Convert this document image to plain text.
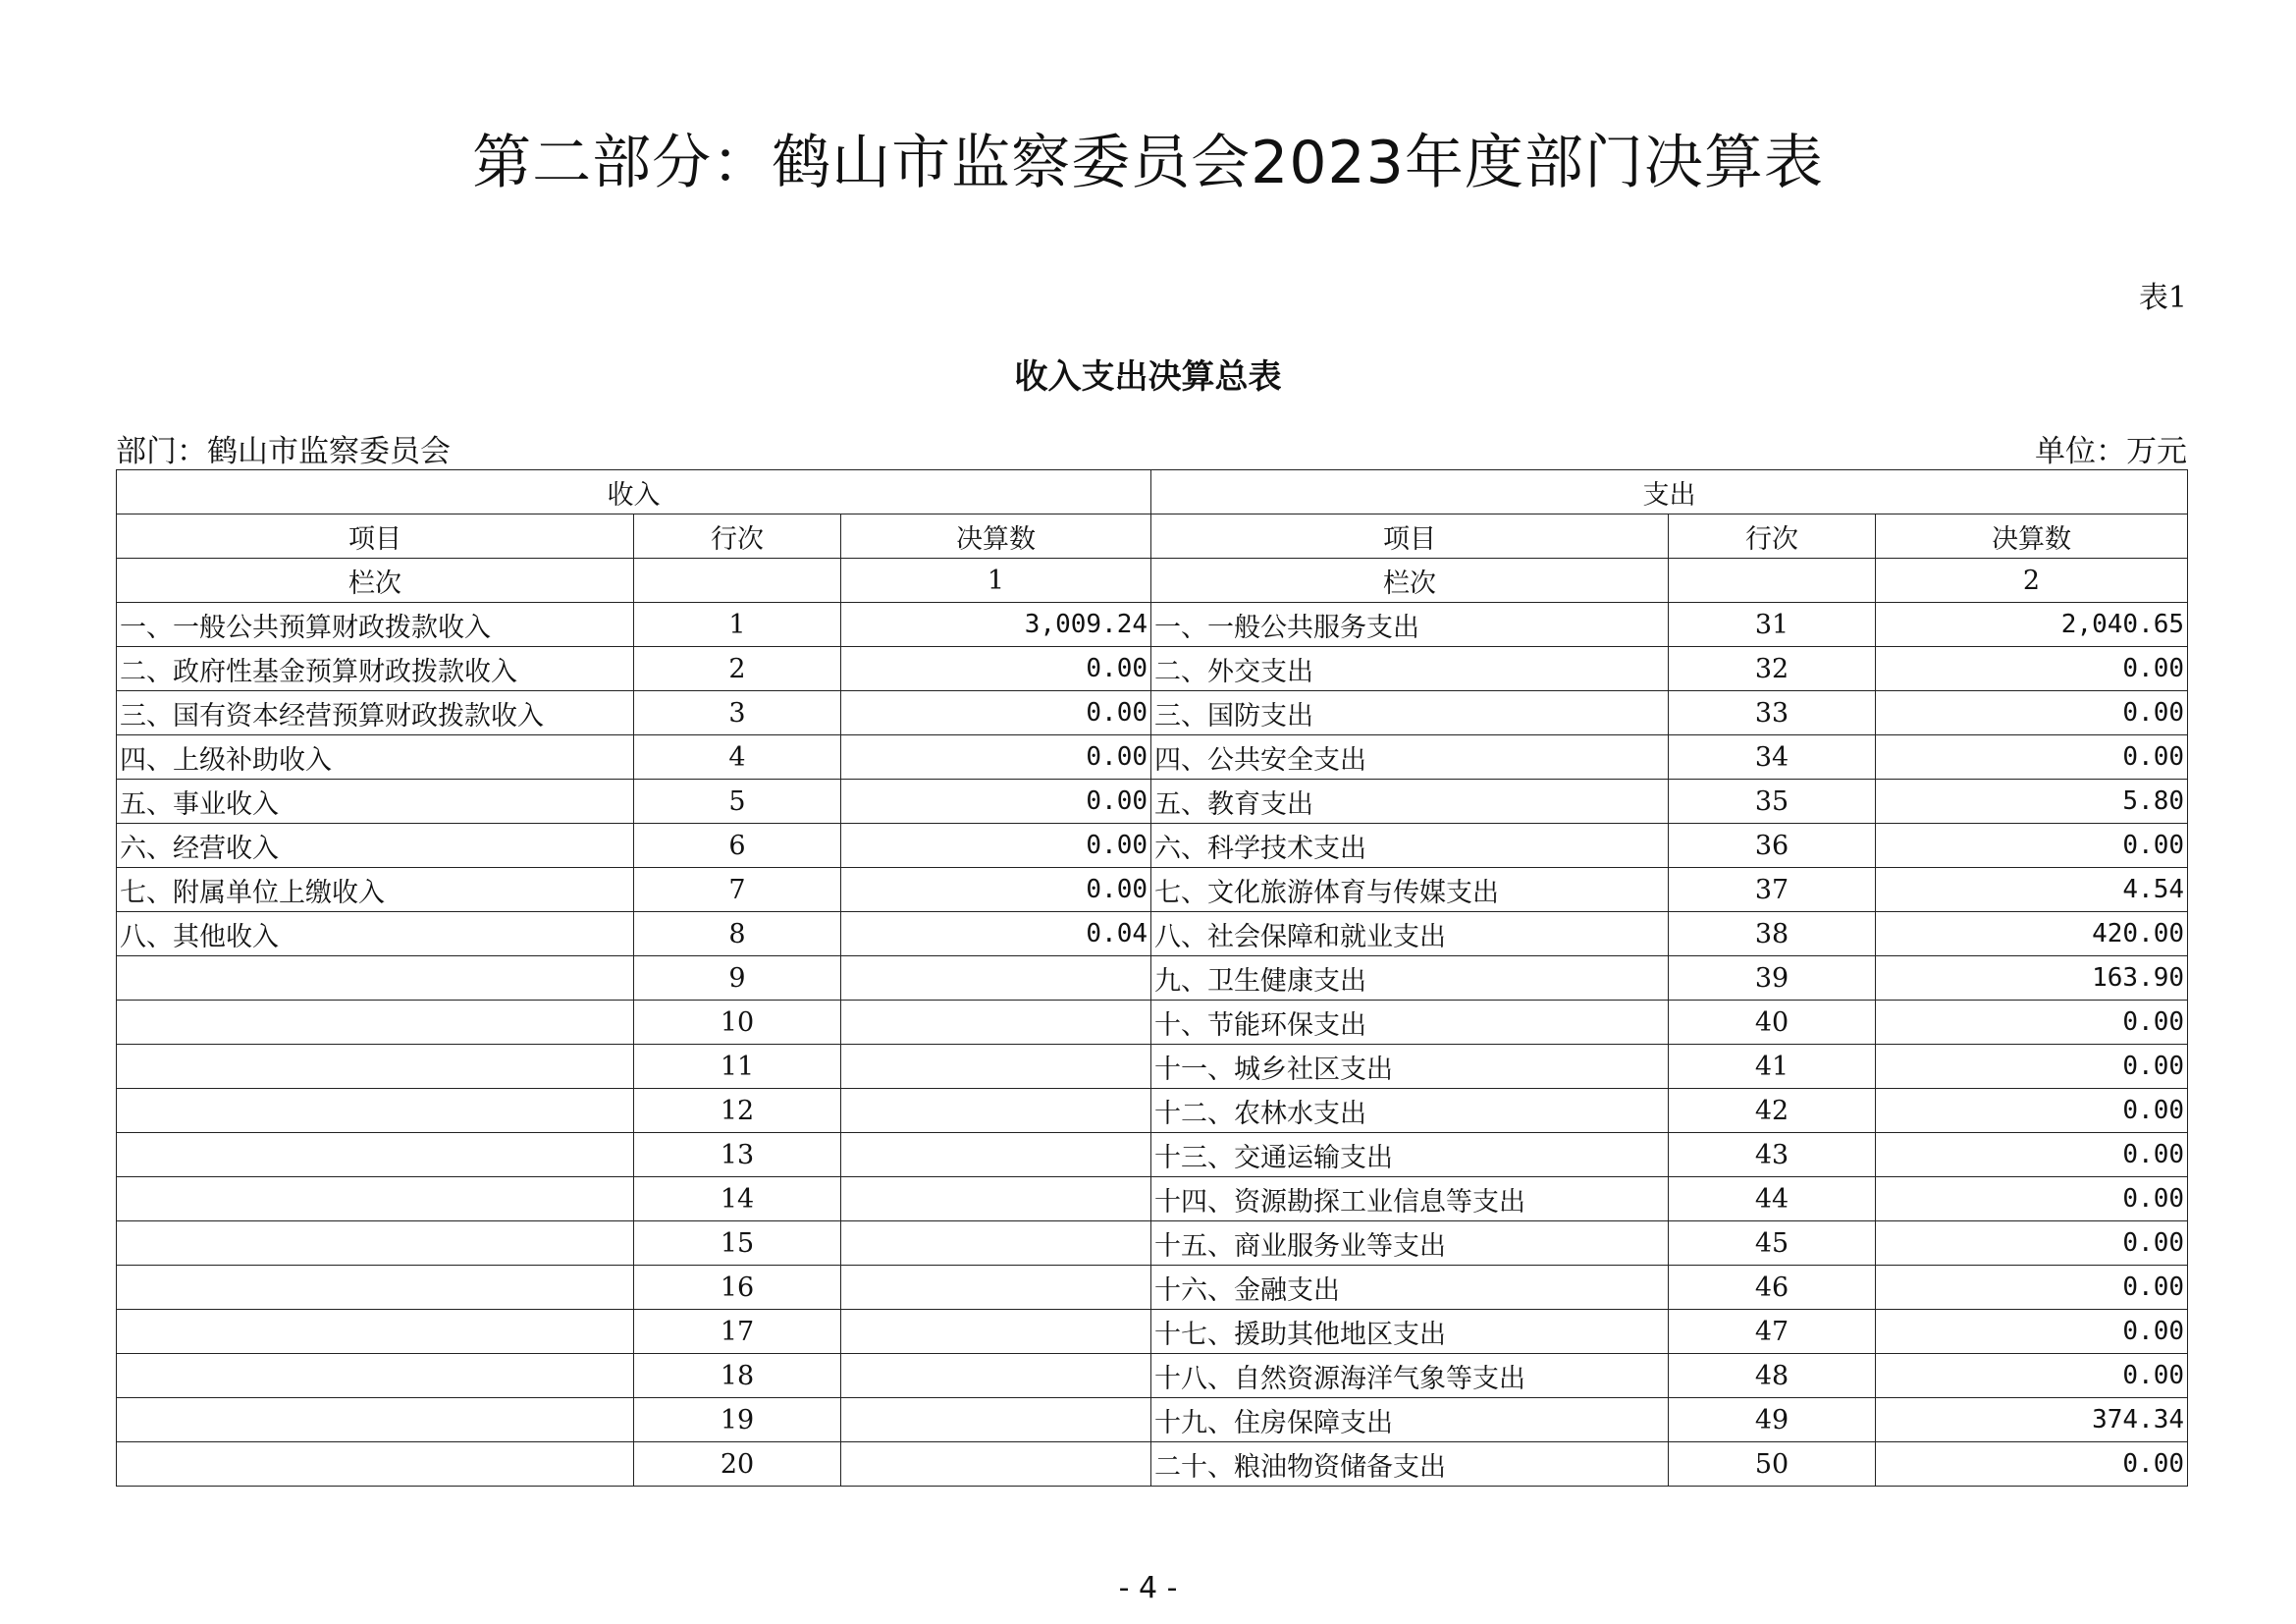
第二部分：鹤山市监察委员会2023年度部门决算表
表1
收入支出决算总表
部门：鹤山市监察委员会	单位：万元
收入			支出		
项目	行次	决算数	项目	行次	决算数
栏次		1	栏次		2
一、一般公共预算财政拨款收入	1	3,009.24	一、一般公共服务支出	31	2,040.65
二、政府性基金预算财政拨款收入	2	0.00	二、外交支出	32	0.00
三、国有资本经营预算财政拨款收入	3	0.00	三、国防支出	33	0.00
四、上级补助收入	4	0.00	四、公共安全支出	34	0.00
五、事业收入	5	0.00	五、教育支出	35	5.80
六、经营收入	6	0.00	六、科学技术支出	36	0.00
七、附属单位上缴收入	7	0.00	七、文化旅游体育与传媒支出	37	4.54
八、其他收入	8	0.04	八、社会保障和就业支出	38	420.00
	9		九、卫生健康支出	39	163.90
	10		十、节能环保支出	40	0.00
	11		十一、城乡社区支出	41	0.00
	12		十二、农林水支出	42	0.00
	13		十三、交通运输支出	43	0.00
	14		十四、资源勘探工业信息等支出	44	0.00
	15		十五、商业服务业等支出	45	0.00
	16		十六、金融支出	46	0.00
	17		十七、援助其他地区支出	47	0.00
	18		十八、自然资源海洋气象等支出	48	0.00
	19		十九、住房保障支出	49	374.34
	20		二十、粮油物资储备支出	50	0.00
- 4 -
